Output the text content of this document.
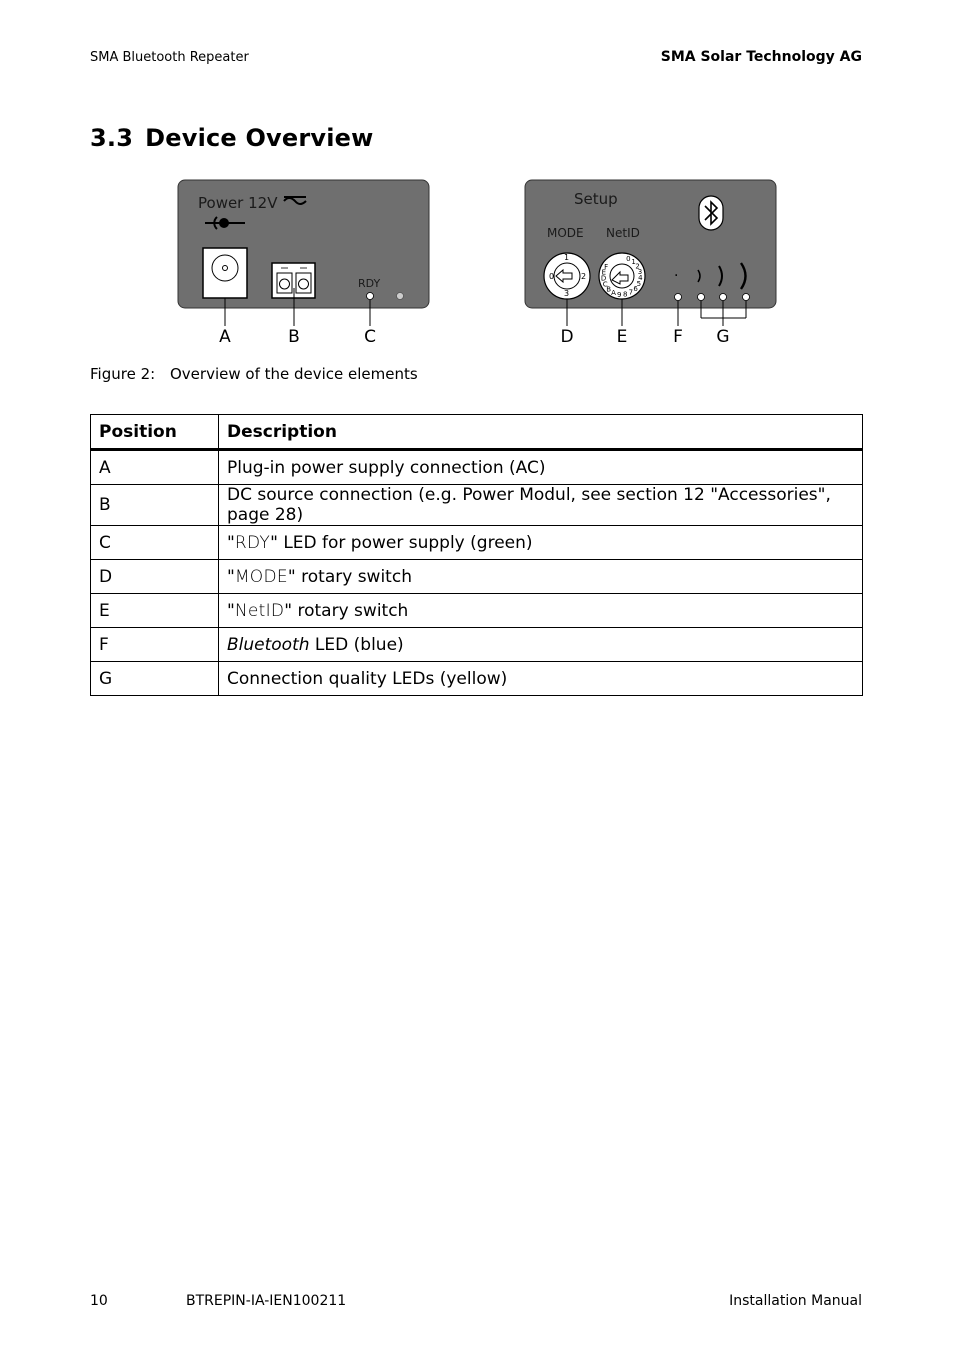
SMA Bluetooth Repeater	SMA Solar Technology AG
3.3 Device Overview
Power 12V
RDY
Setup
MODE NetID
1
0	2
3
0 1
2
3
4
5
6
7
8
9
A
B
C
D
E
F
·
A	B	C	D	E	F G
Figure 2: Overview of the device elements
Position	Description
A	Plug-in power supply connection (AC)
B	DC source connection (e.g. Power Modul, see section 12 "Accessories", page 28)
C	"RDY" LED for power supply (green)
D	"MODE" rotary switch
E	"NetID" rotary switch
F	Bluetooth LED (blue)
G	Connection quality LEDs (yellow)
10	BTREPIN-IA-IEN100211	Installation Manual
